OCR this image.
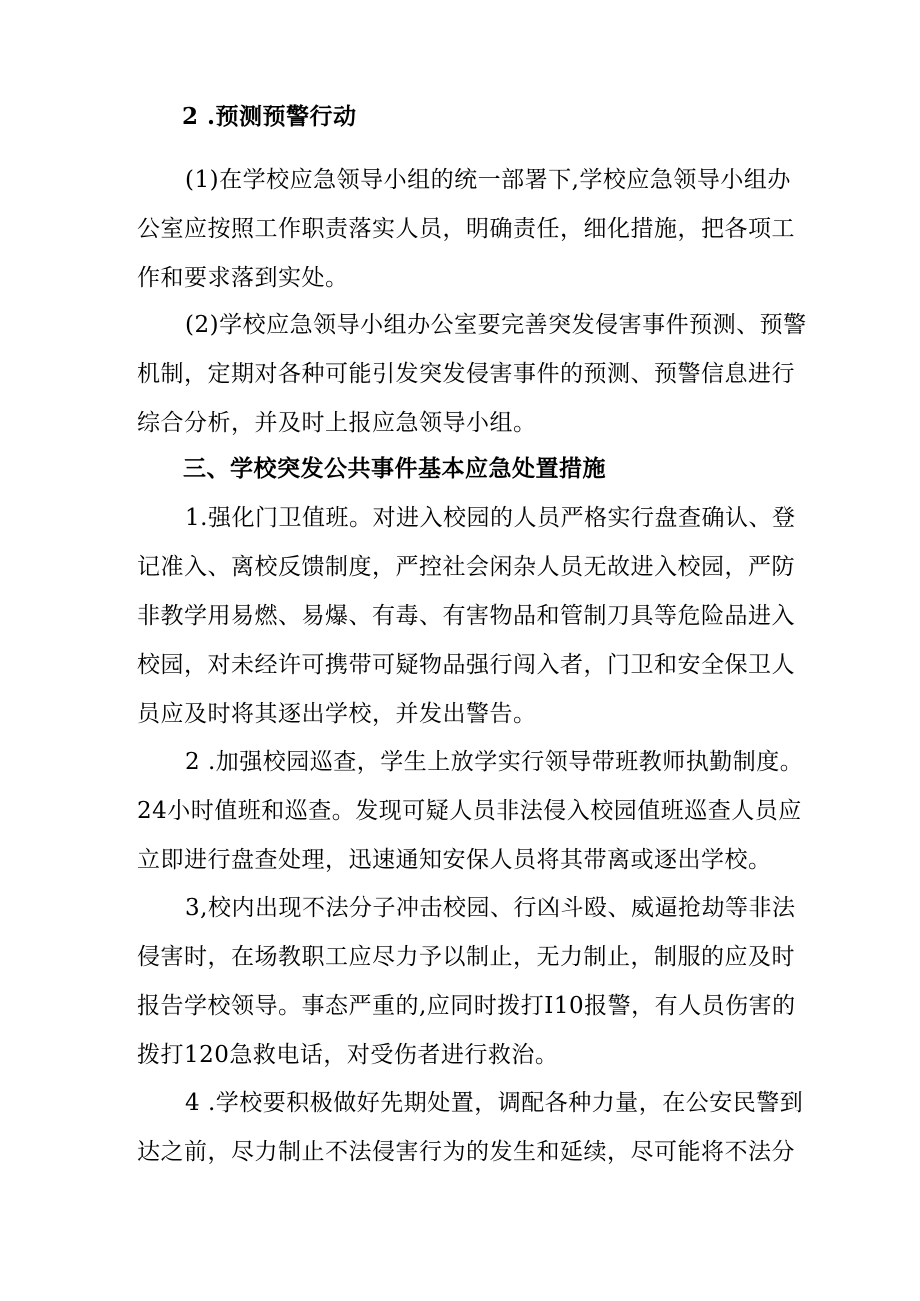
2 .预测预警行动
(1)在学校应急领导小组的统一部署下,学校应急领导小组办
公室应按照工作职责落实人员，明确责任，细化措施，把各项工
作和要求落到实处。
(2)学校应急领导小组办公室要完善突发侵害事件预测、预警
机制，定期对各种可能引发突发侵害事件的预测、预警信息进行
综合分析，并及时上报应急领导小组。
三、学校突发公共事件基本应急处置措施
1.强化门卫值班。对进入校园的人员严格实行盘查确认、登
记准入、离校反馈制度，严控社会闲杂人员无故进入校园，严防
非教学用易燃、易爆、有毒、有害物品和管制刀具等危险品进入
校园，对未经许可携带可疑物品强行闯入者，门卫和安全保卫人
员应及时将其逐出学校，并发出警告。
2 .加强校园巡查，学生上放学实行领导带班教师执勤制度。
24小时值班和巡查。发现可疑人员非法侵入校园值班巡查人员应
立即进行盘查处理，迅速通知安保人员将其带离或逐出学校。
3,校内出现不法分子冲击校园、行凶斗殴、威逼抢劫等非法
侵害时，在场教职工应尽力予以制止，无力制止，制服的应及时
报告学校领导。事态严重的,应同时拨打I10报警，有人员伤害的
拨打120急救电话，对受伤者进行救治。
4 .学校要积极做好先期处置，调配各种力量，在公安民警到
达之前，尽力制止不法侵害行为的发生和延续，尽可能将不法分
